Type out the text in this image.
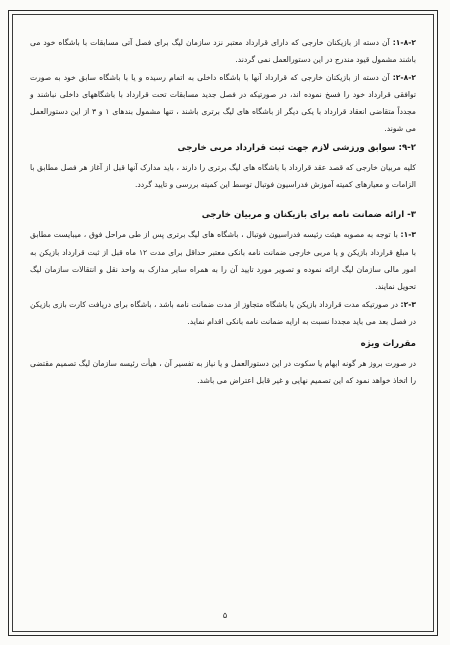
۱-۸-۲: آن دسته از بازیکنان خارجی که دارای قرارداد معتبر نزد سازمان لیگ برای فصل آتی مسابقات با باشگاه خود می باشند مشمول قیود مندرج در این دستورالعمل نمی گردند.

۲-۸-۲: آن دسته از بازیکنان خارجی که قرارداد آنها با باشگاه داخلی به اتمام رسیده و یا با باشگاه سابق خود به صورت توافقی قرارداد خود را فسخ نموده اند، در صورتیکه در فصل جدید مسابقات تحت قرارداد با باشگاههای داخلی نباشند و مجدداً متقاضی انعقاد قرارداد با یکی دیگر از باشگاه های لیگ برتری باشند ، تنها مشمول بندهای ۱ و ۳ از این دستورالعمل می شوند.

۹-۲: سوابق ورزشی لازم جهت ثبت قرارداد مربی خارجی

کلیه مربیان خارجی که قصد عقد قرارداد با باشگاه های لیگ برتری را دارند ، باید مدارک آنها قبل از آغاز هر فصل مطابق با الزامات و معیارهای کمیته آموزش فدراسیون فوتبال توسط این کمیته بررسی و تایید گردد.

۳- ارائه ضمانت نامه برای بازیکنان و مربیان خارجی

۱-۳: با توجه به مصوبه هیئت رئیسه فدراسیون فوتبال ، باشگاه های لیگ برتری پس از طی مراحل فوق ، میبایست مطابق با مبلغ قرارداد بازیکن و یا مربی خارجی ضمانت نامه بانکی معتبر حداقل برای مدت ۱۲ ماه قبل از ثبت قرارداد بازیکن به امور مالی سازمان لیگ ارائه نموده و تصویر مورد تایید آن را به همراه سایر مدارک به واحد نقل و انتقالات سازمان لیگ تحویل نمایند.

۲-۳: در صورتیکه مدت قرارداد بازیکن با باشگاه متجاوز از مدت ضمانت نامه باشد ، باشگاه برای دریافت کارت بازی بازیکن در فصل بعد می باید مجددا نسبت به ارایه ضمانت نامه بانکی اقدام نماید.

مقررات ویژه

در صورت بروز هر گونه ابهام یا سکوت در این دستورالعمل و یا نیاز به تفسیر آن ، هیأت رئیسه سازمان لیگ تصمیم مقتضی را اتخاذ خواهد نمود که این تصمیم نهایی و غیر قابل اعتراض می باشد.

۵
